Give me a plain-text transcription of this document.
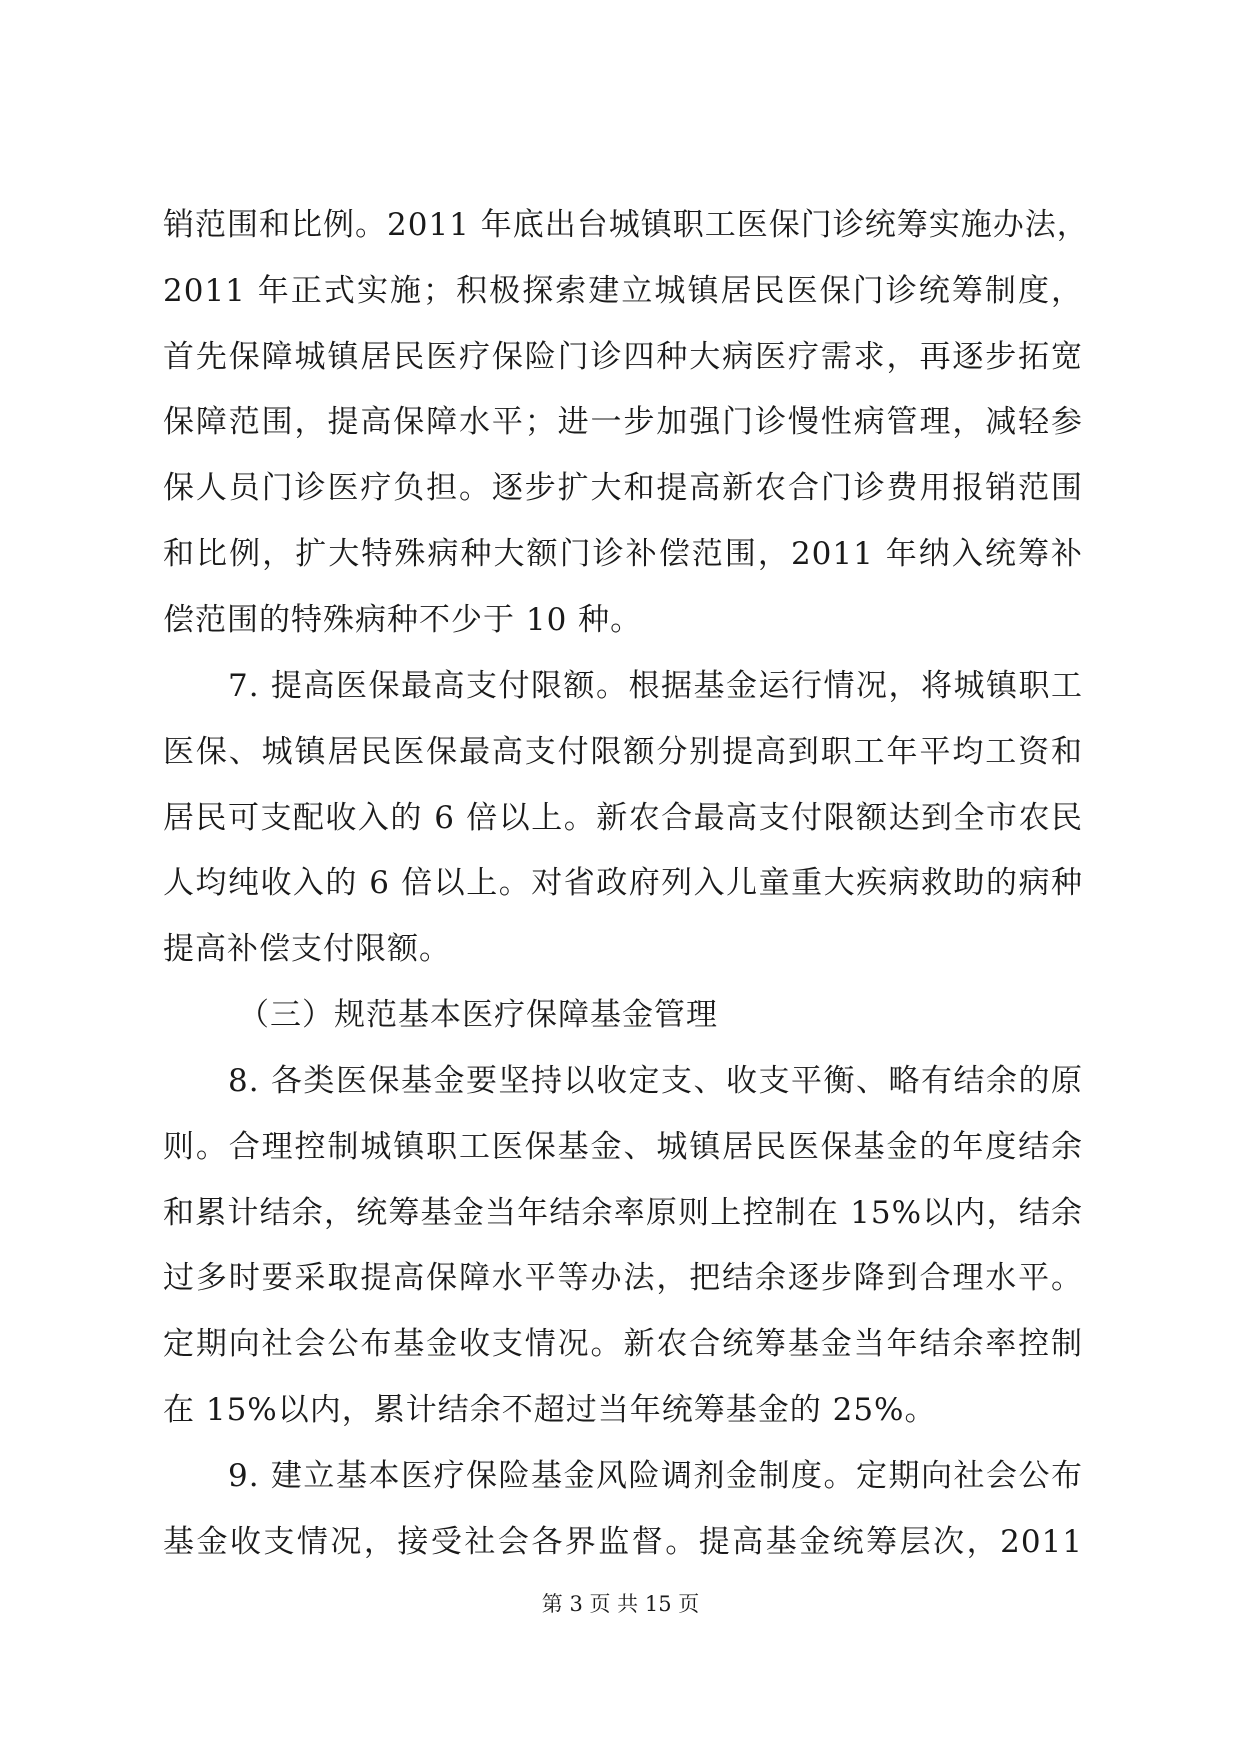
销范围和比例。2011 年底出台城镇职工医保门诊统筹实施办法，
2011 年正式实施；积极探索建立城镇居民医保门诊统筹制度，
首先保障城镇居民医疗保险门诊四种大病医疗需求，再逐步拓宽
保障范围，提高保障水平；进一步加强门诊慢性病管理，减轻参
保人员门诊医疗负担。逐步扩大和提高新农合门诊费用报销范围
和比例，扩大特殊病种大额门诊补偿范围，2011 年纳入统筹补
偿范围的特殊病种不少于 10 种。
7. 提高医保最高支付限额。根据基金运行情况，将城镇职工
医保、城镇居民医保最高支付限额分别提高到职工年平均工资和
居民可支配收入的 6 倍以上。新农合最高支付限额达到全市农民
人均纯收入的 6 倍以上。对省政府列入儿童重大疾病救助的病种
提高补偿支付限额。
（三）规范基本医疗保障基金管理
8. 各类医保基金要坚持以收定支、收支平衡、略有结余的原
则。合理控制城镇职工医保基金、城镇居民医保基金的年度结余
和累计结余，统筹基金当年结余率原则上控制在 15%以内，结余
过多时要采取提高保障水平等办法，把结余逐步降到合理水平。
定期向社会公布基金收支情况。新农合统筹基金当年结余率控制
在 15%以内，累计结余不超过当年统筹基金的 25%。
9. 建立基本医疗保险基金风险调剂金制度。定期向社会公布
基金收支情况，接受社会各界监督。提高基金统筹层次，2011
第 3 页 共 15 页
